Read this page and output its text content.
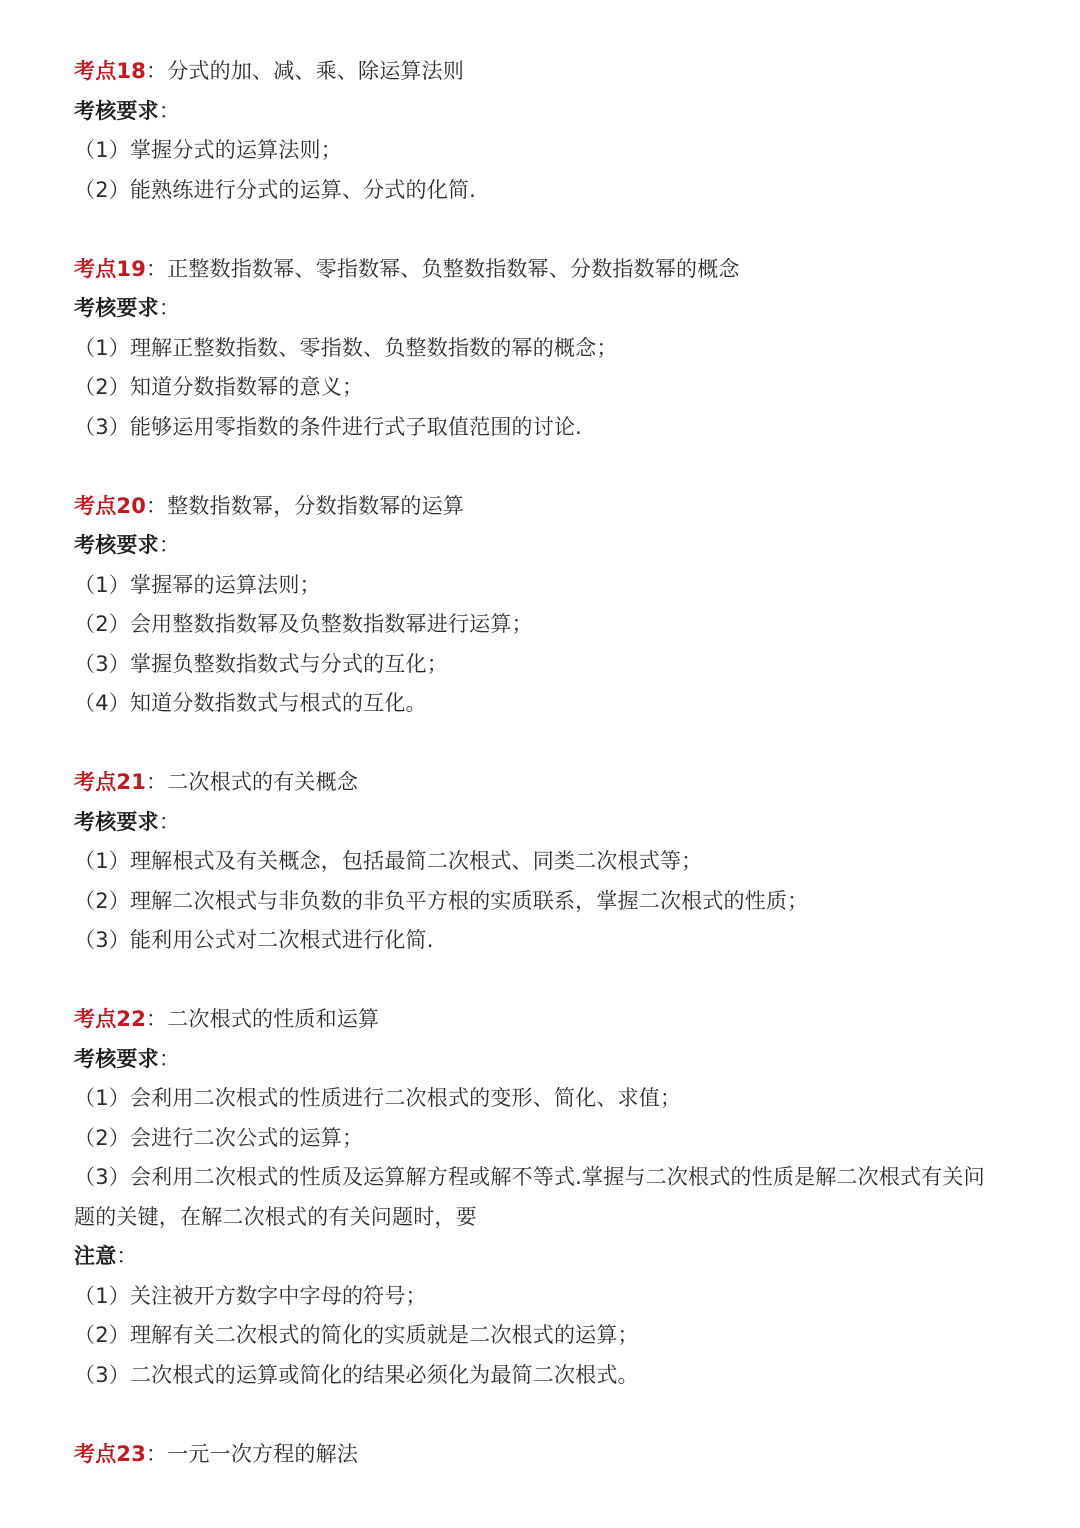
考点18：分式的加、减、乘、除运算法则
考核要求：
（1）掌握分式的运算法则；
（2）能熟练进行分式的运算、分式的化简.
考点19：正整数指数幂、零指数幂、负整数指数幂、分数指数幂的概念
考核要求：
（1）理解正整数指数、零指数、负整数指数的幂的概念；
（2）知道分数指数幂的意义；
（3）能够运用零指数的条件进行式子取值范围的讨论.
考点20：整数指数幂，分数指数幂的运算
考核要求：
（1）掌握幂的运算法则；
（2）会用整数指数幂及负整数指数幂进行运算；
（3）掌握负整数指数式与分式的互化；
（4）知道分数指数式与根式的互化。
考点21：二次根式的有关概念
考核要求：
（1）理解根式及有关概念，包括最简二次根式、同类二次根式等；
（2）理解二次根式与非负数的非负平方根的实质联系，掌握二次根式的性质；
（3）能利用公式对二次根式进行化简.
考点22：二次根式的性质和运算
考核要求：
（1）会利用二次根式的性质进行二次根式的变形、简化、求值；
（2）会进行二次公式的运算；
（3）会利用二次根式的性质及运算解方程或解不等式.掌握与二次根式的性质是解二次根式有关问题的关键，在解二次根式的有关问题时，要
注意：
（1）关注被开方数字中字母的符号；
（2）理解有关二次根式的简化的实质就是二次根式的运算；
（3）二次根式的运算或简化的结果必须化为最简二次根式。
考点23：一元一次方程的解法
